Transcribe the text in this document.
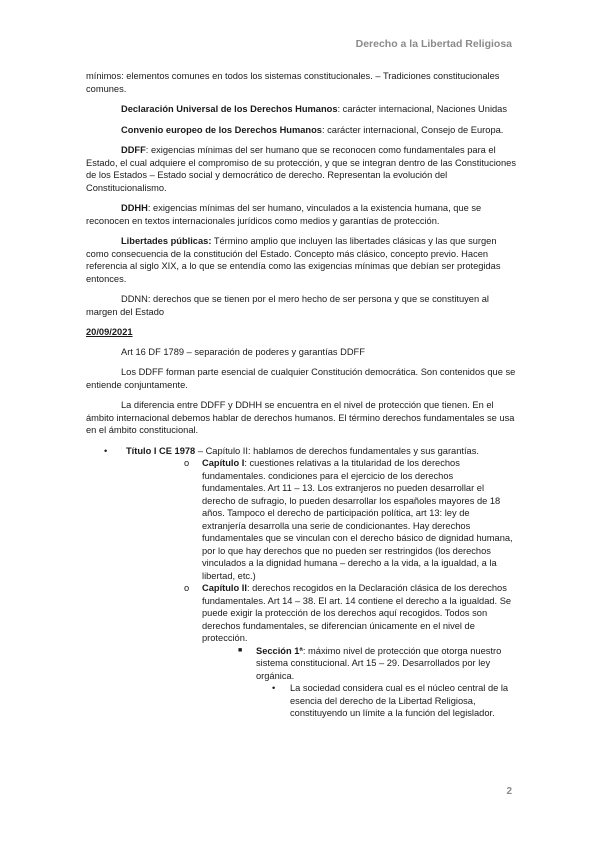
Derecho a la Libertad Religiosa

mínimos: elementos comunes en todos los sistemas constitucionales. – Tradiciones constitucionales comunes.

Declaración Universal de los Derechos Humanos: carácter internacional, Naciones Unidas

Convenio europeo de los Derechos Humanos: carácter internacional, Consejo de Europa.

DDFF: exigencias mínimas del ser humano que se reconocen como fundamentales para el Estado, el cual adquiere el compromiso de su protección, y que se integran dentro de las Constituciones de los Estados – Estado social y democrático de derecho. Representan la evolución del Constitucionalismo.

DDHH: exigencias mínimas del ser humano, vinculados a la existencia humana, que se reconocen en textos internacionales jurídicos como medios y garantías de protección.

Libertades públicas: Término amplio que incluyen las libertades clásicas y las que surgen como consecuencia de la constitución del Estado. Concepto más clásico, concepto previo. Hacen referencia al siglo XIX, a lo que se entendía como las exigencias mínimas que debían ser protegidas entonces.

DDNN: derechos que se tienen por el mero hecho de ser persona y que se constituyen al margen del Estado

20/09/2021

Art 16 DF 1789 – separación de poderes y garantías DDFF

Los DDFF forman parte esencial de cualquier Constitución democrática. Son contenidos que se entiende conjuntamente.

La diferencia entre DDFF y DDHH se encuentra en el nivel de protección que tienen. En el ámbito internacional debemos hablar de derechos humanos. El término derechos fundamentales se usa en el ámbito constitucional.

• Título I CE 1978 – Capítulo II: hablamos de derechos fundamentales y sus garantías.
o Capítulo I: cuestiones relativas a la titularidad de los derechos fundamentales. condiciones para el ejercicio de los derechos fundamentales. Art 11 – 13. Los extranjeros no pueden desarrollar el derecho de sufragio, lo pueden desarrollar los españoles mayores de 18 años. Tampoco el derecho de participación política, art 13: ley de extranjería desarrolla una serie de condicionantes. Hay derechos fundamentales que se vinculan con el derecho básico de dignidad humana, por lo que hay derechos que no pueden ser restringidos (los derechos vinculados a la dignidad humana – derecho a la vida, a la igualdad, a la libertad, etc.)
o Capítulo II: derechos recogidos en la Declaración clásica de los derechos fundamentales. Art 14 – 38. El art. 14 contiene el derecho a la igualdad. Se puede exigir la protección de los derechos aquí recogidos. Todos son derechos fundamentales, se diferencian únicamente en el nivel de protección.
■ Sección 1ª: máximo nivel de protección que otorga nuestro sistema constitucional. Art 15 – 29. Desarrollados por ley orgánica.
• La sociedad considera cual es el núcleo central de la esencia del derecho de la Libertad Religiosa, constituyendo un límite a la función del legislador.
2
